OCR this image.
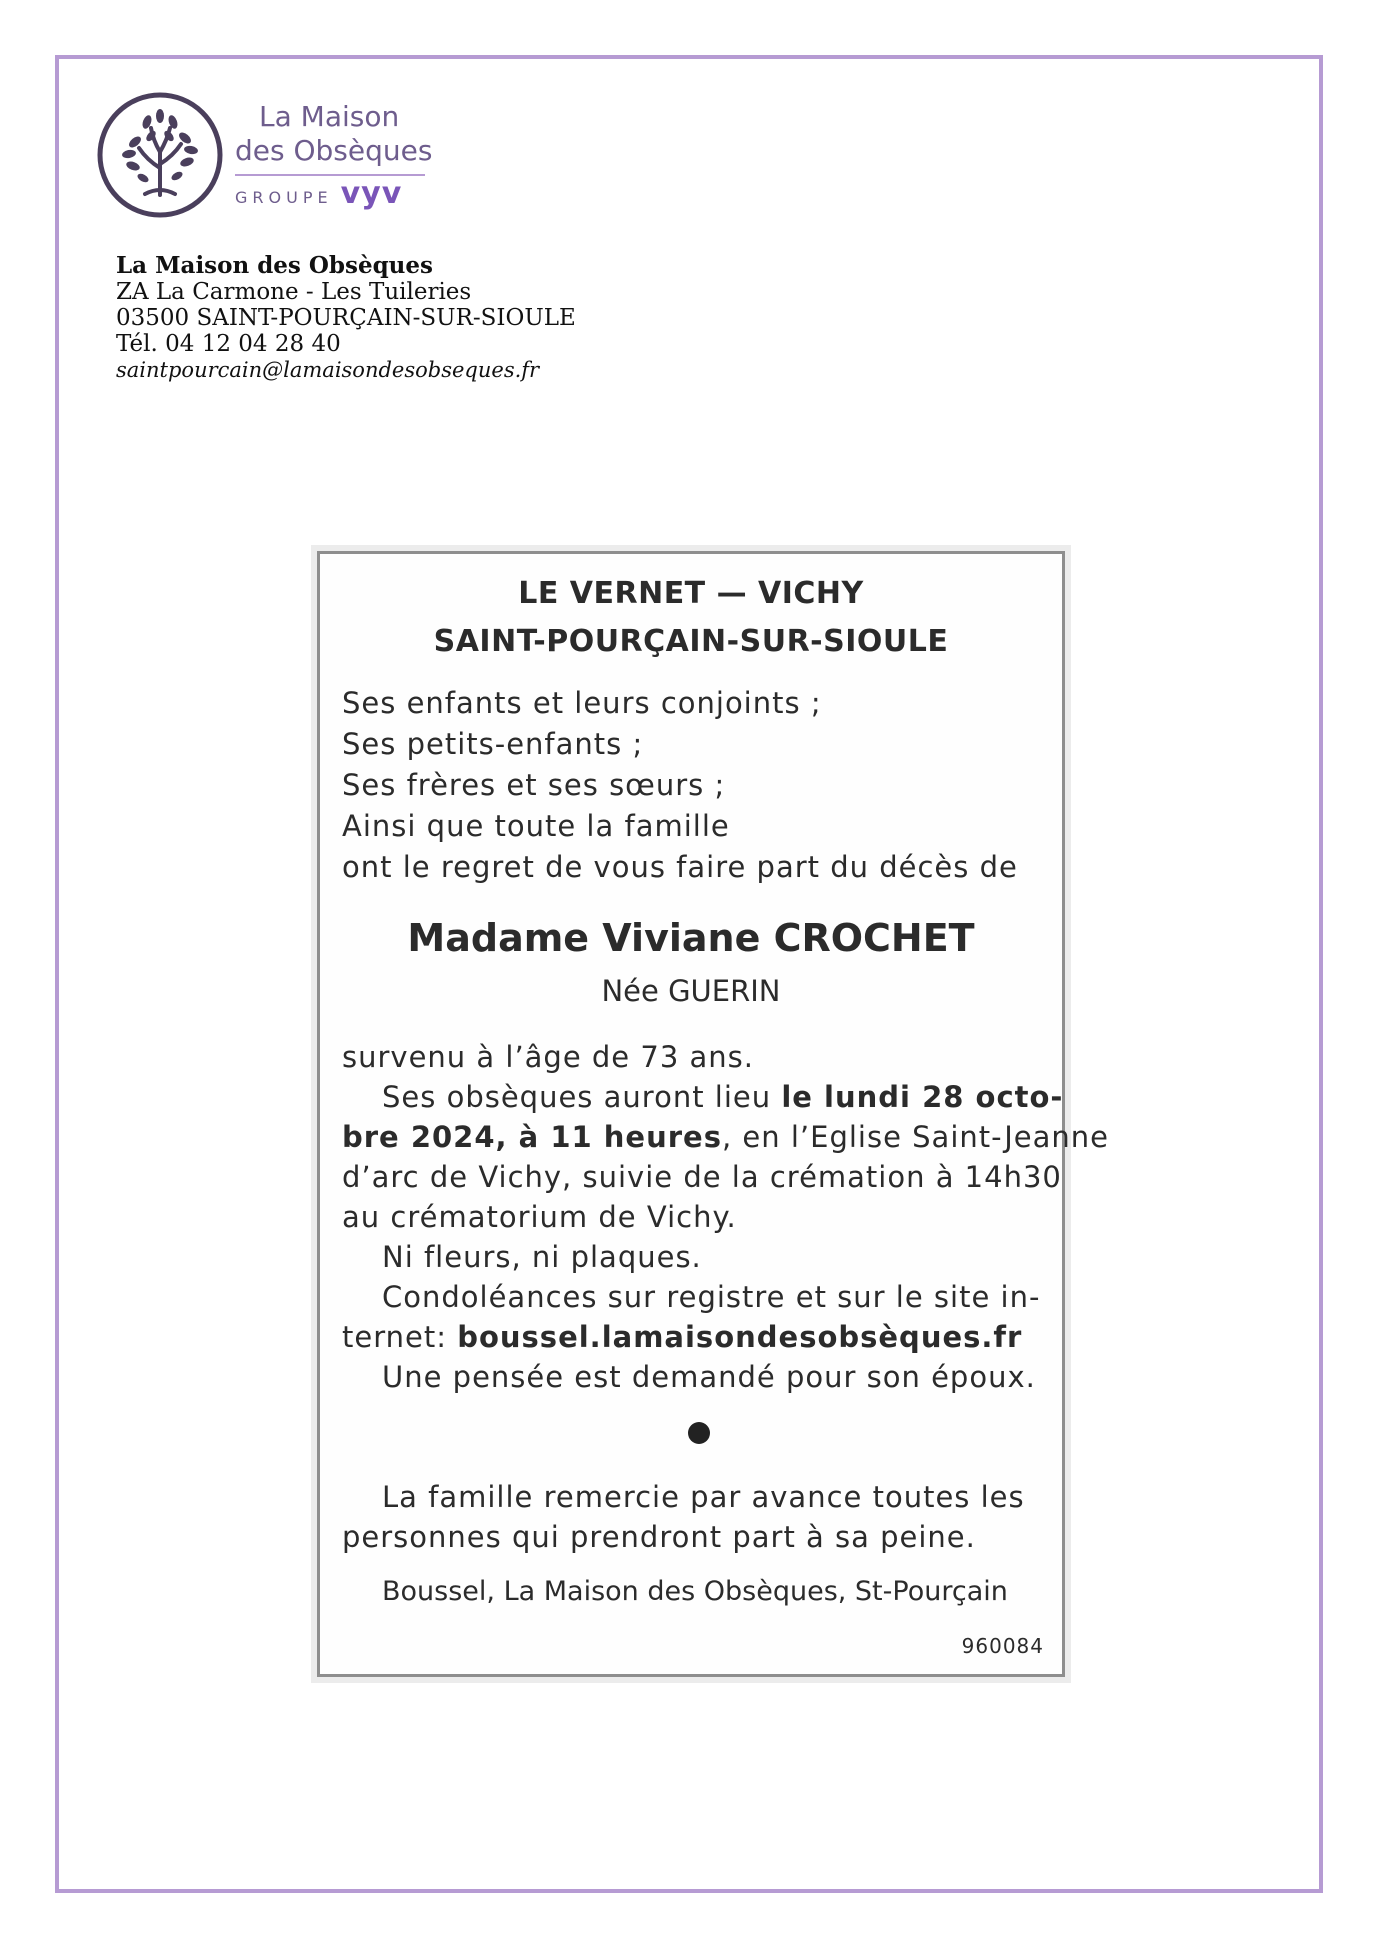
La Maison
des Obsèques
GROUPE vyv
La Maison des Obsèques
ZA La Carmone - Les Tuileries
03500 SAINT-POURÇAIN-SUR-SIOULE
Tél. 04 12 04 28 40
saintpourcain@lamaisondesobseques.fr
LE VERNET — VICHY
SAINT-POURÇAIN-SUR-SIOULE
Ses enfants et leurs conjoints ;
Ses petits-enfants ;
Ses frères et ses sœurs ;
Ainsi que toute la famille
ont le regret de vous faire part du décès de
Madame Viviane CROCHET
Née GUERIN
survenu à l’âge de 73 ans.
Ses obsèques auront lieu le lundi 28 octo-
bre 2024, à 11 heures, en l’Eglise Saint-Jeanne
d’arc de Vichy, suivie de la crémation à 14h30
au crématorium de Vichy.
Ni fleurs, ni plaques.
Condoléances sur registre et sur le site in-
ternet: boussel.lamaisondesobsèques.fr
Une pensée est demandé pour son époux.
La famille remercie par avance toutes les
personnes qui prendront part à sa peine.
Boussel, La Maison des Obsèques, St-Pourçain
960084
